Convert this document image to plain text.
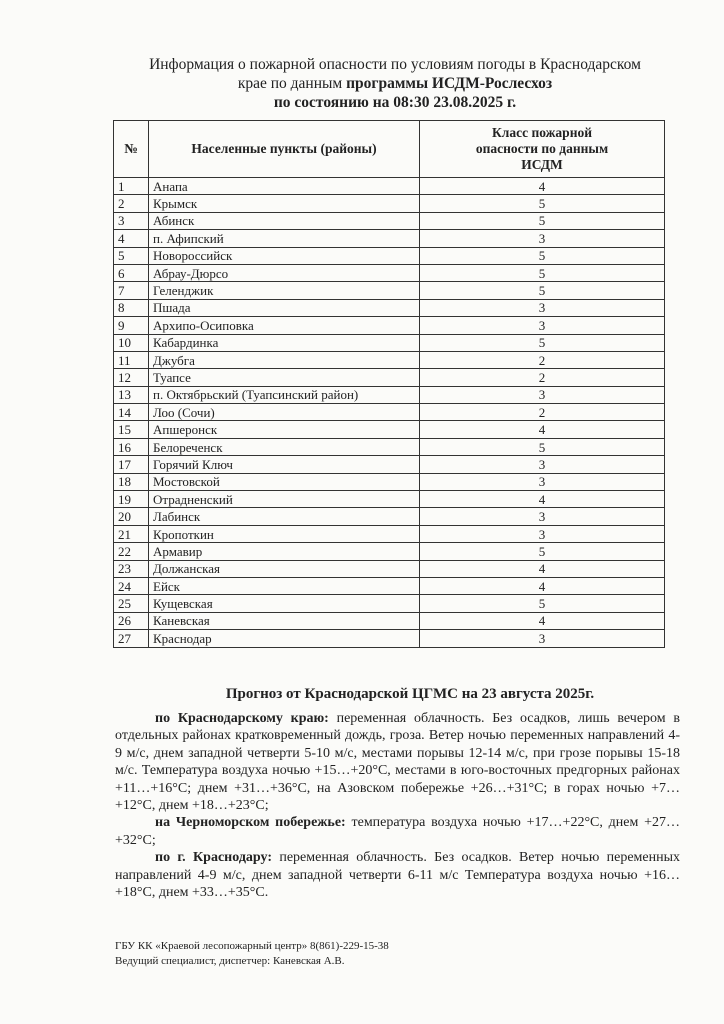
Информация о пожарной опасности по условиям погоды в Краснодарском
крае по данным программы ИСДМ-Рослесхоз
по состоянию на 08:30 23.08.2025 г.
№	Населенные пункты (районы)	Класс пожарной опасности по данным ИСДМ
1	Анапа	4
2	Крымск	5
3	Абинск	5
4	п. Афипский	3
5	Новороссийск	5
6	Абрау-Дюрсо	5
7	Геленджик	5
8	Пшада	3
9	Архипо-Осиповка	3
10	Кабардинка	5
11	Джубга	2
12	Туапсе	2
13	п. Октябрьский (Туапсинский район)	3
14	Лоо (Сочи)	2
15	Апшеронск	4
16	Белореченск	5
17	Горячий Ключ	3
18	Мостовской	3
19	Отрадненский	4
20	Лабинск	3
21	Кропоткин	3
22	Армавир	5
23	Должанская	4
24	Ейск	4
25	Кущевская	5
26	Каневская	4
27	Краснодар	3
Прогноз от Краснодарской ЦГМС на 23 августа 2025г.

по Краснодарскому краю: переменная облачность. Без осадков, лишь вечером в отдельных районах кратковременный дождь, гроза. Ветер ночью переменных направлений 4-9 м/с, днем западной четверти 5-10 м/с, местами порывы 12-14 м/с, при грозе порывы 15-18 м/с. Температура воздуха ночью +15…+20°С, местами в юго-восточных предгорных районах +11…+16°С; днем +31…+36°С, на Азовском побережье +26…+31°С; в горах ночью +7…+12°С, днем +18…+23°С;

на Черноморском побережье: температура воздуха ночью +17…+22°С, днем +27…+32°С;

по г. Краснодару: переменная облачность. Без осадков. Ветер ночью переменных направлений 4-9 м/с, днем западной четверти 6-11 м/с Температура воздуха ночью +16…+18°С, днем +33…+35°С.

ГБУ КК «Краевой лесопожарный центр» 8(861)-229-15-38
Ведущий специалист, диспетчер: Каневская А.В.
